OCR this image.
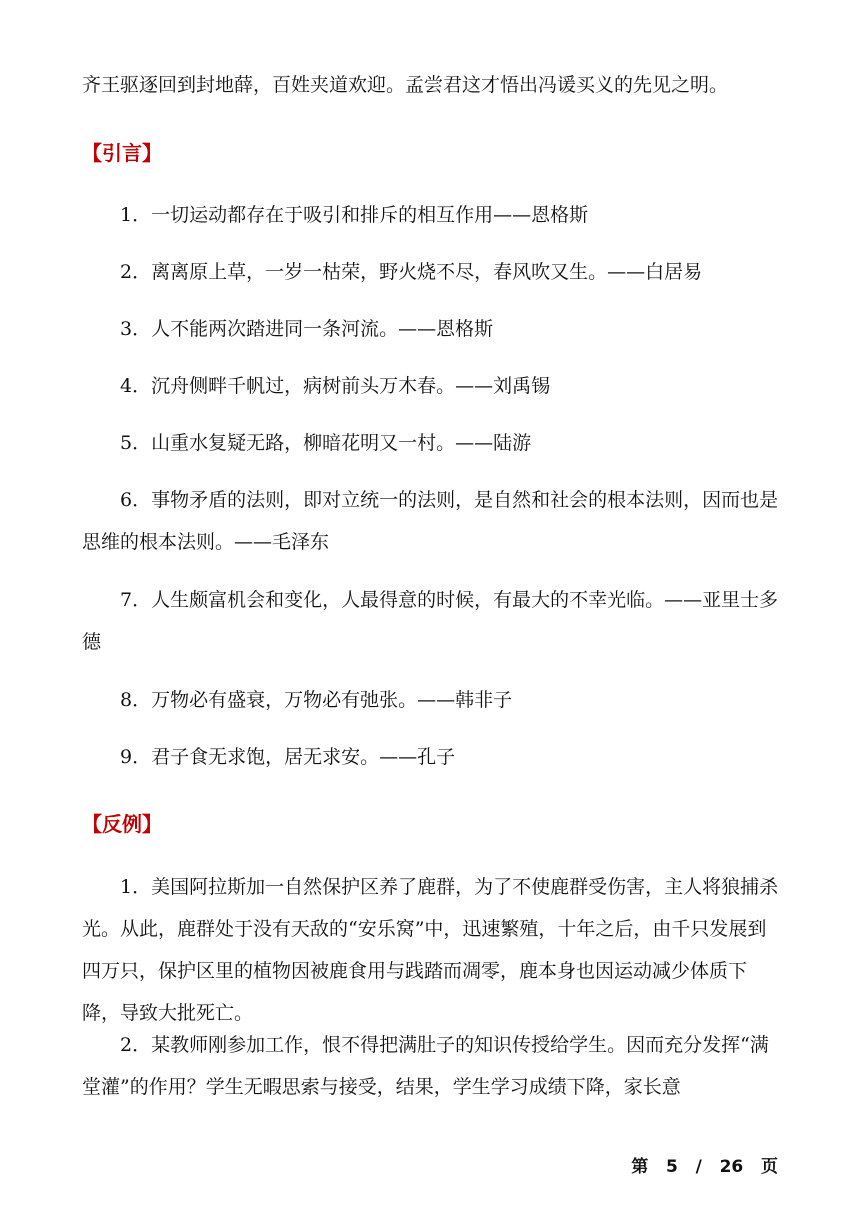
齐王驱逐回到封地薛，百姓夹道欢迎。孟尝君这才悟出冯谖买义的先见之明。

【引言】

1．一切运动都存在于吸引和排斥的相互作用——恩格斯

2．离离原上草，一岁一枯荣，野火烧不尽，春风吹又生。——白居易

3．人不能两次踏进同一条河流。——恩格斯

4．沉舟侧畔千帆过，病树前头万木春。——刘禹锡

5．山重水复疑无路，柳暗花明又一村。——陆游

6．事物矛盾的法则，即对立统一的法则，是自然和社会的根本法则，因而也是思维的根本法则。——毛泽东

7．人生颇富机会和变化，人最得意的时候，有最大的不幸光临。——亚里士多德

8．万物必有盛衰，万物必有弛张。——韩非子

9．君子食无求饱，居无求安。——孔子

【反例】

1．美国阿拉斯加一自然保护区养了鹿群，为了不使鹿群受伤害，主人将狼捕杀光。从此，鹿群处于没有天敌的“安乐窝”中，迅速繁殖，十年之后，由千只发展到四万只，保护区里的植物因被鹿食用与践踏而凋零，鹿本身也因运动减少体质下降，导致大批死亡。

2．某教师刚参加工作，恨不得把满肚子的知识传授给学生。因而充分发挥“满堂灌”的作用？学生无暇思索与接受，结果，学生学习成绩下降，家长意

第 5 / 26 页
